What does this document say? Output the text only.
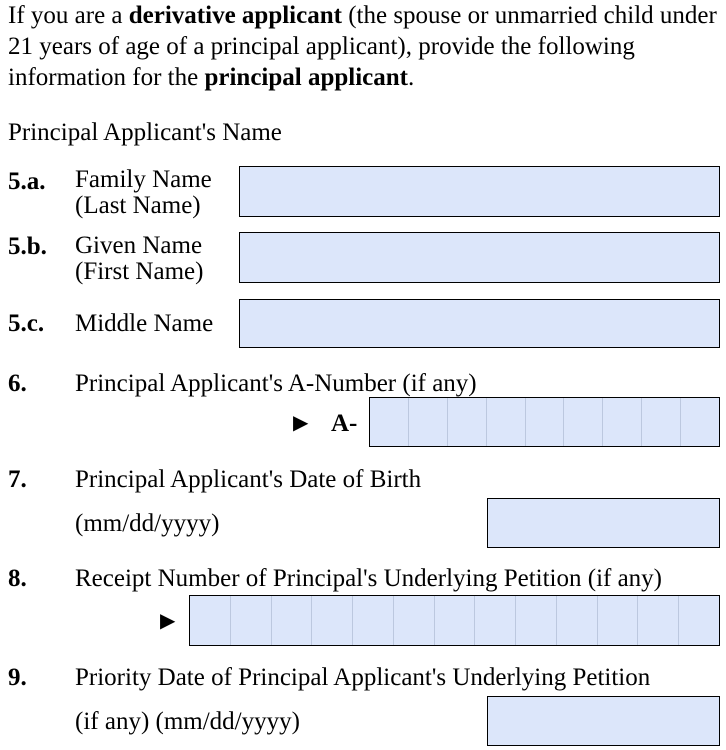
If you are a derivative applicant (the spouse or unmarried child under 21 years of age of a principal applicant), provide the following information for the principal applicant.

Principal Applicant's Name
5.a. Family Name
(Last Name)
5.b. Given Name
(First Name)
5.c. Middle Name
6. Principal Applicant's A-Number (if any)
▶ A-
7. Principal Applicant's Date of Birth
(mm/dd/yyyy)
8. Receipt Number of Principal's Underlying Petition (if any)
▶
9. Priority Date of Principal Applicant's Underlying Petition
(if any) (mm/dd/yyyy)
